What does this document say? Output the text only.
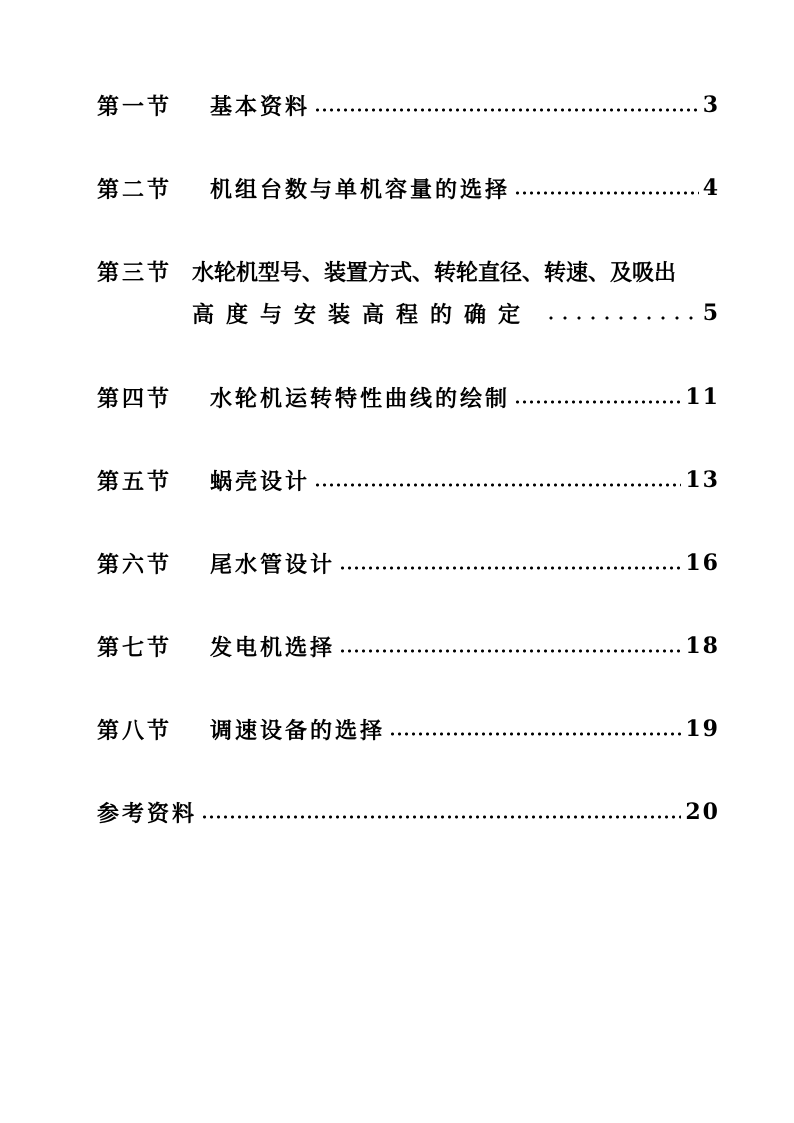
第一节 基本资料	3
第二节 机组台数与单机容量的选择	4
第三节 水轮机型号、装置方式、转轮直径、转速、及吸出
高度与安装高程的确定	5
第四节 水轮机运转特性曲线的绘制	11
第五节 蜗壳设计	13
第六节 尾水管设计	16
第七节 发电机选择	18
第八节 调速设备的选择	19
参考资料	20
